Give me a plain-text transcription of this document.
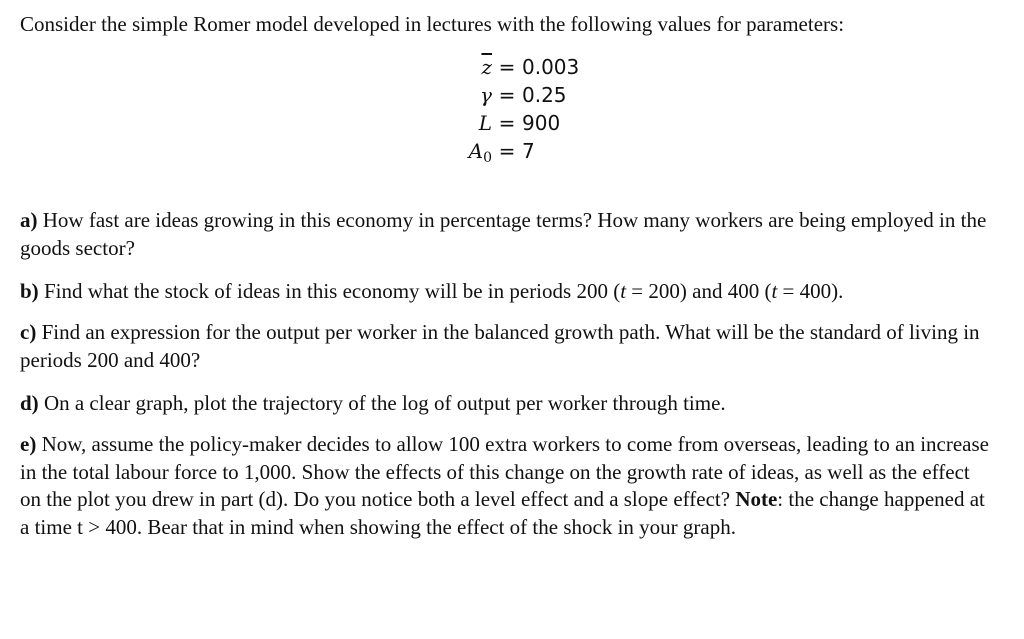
Consider the simple Romer model developed in lectures with the following values for parameters:
$\overline{z} = 0.003$
γ = 0.25
L = 900
$A_0 = 7$
a) How fast are ideas growing in this economy in percentage terms? How many workers are being employed in the goods sector?
b) Find what the stock of ideas in this economy will be in periods 200 (t = 200) and 400 (t = 400).
c) Find an expression for the output per worker in the balanced growth path. What will be the standard of living in periods 200 and 400?
d) On a clear graph, plot the trajectory of the log of output per worker through time.
e) Now, assume the policy-maker decides to allow 100 extra workers to come from overseas, leading to an increase in the total labour force to 1,000. Show the effects of this change on the growth rate of ideas, as well as the effect on the plot you drew in part (d). Do you notice both a level effect and a slope effect? Note: the change happened at a time t > 400. Bear that in mind when showing the effect of the shock in your graph.
